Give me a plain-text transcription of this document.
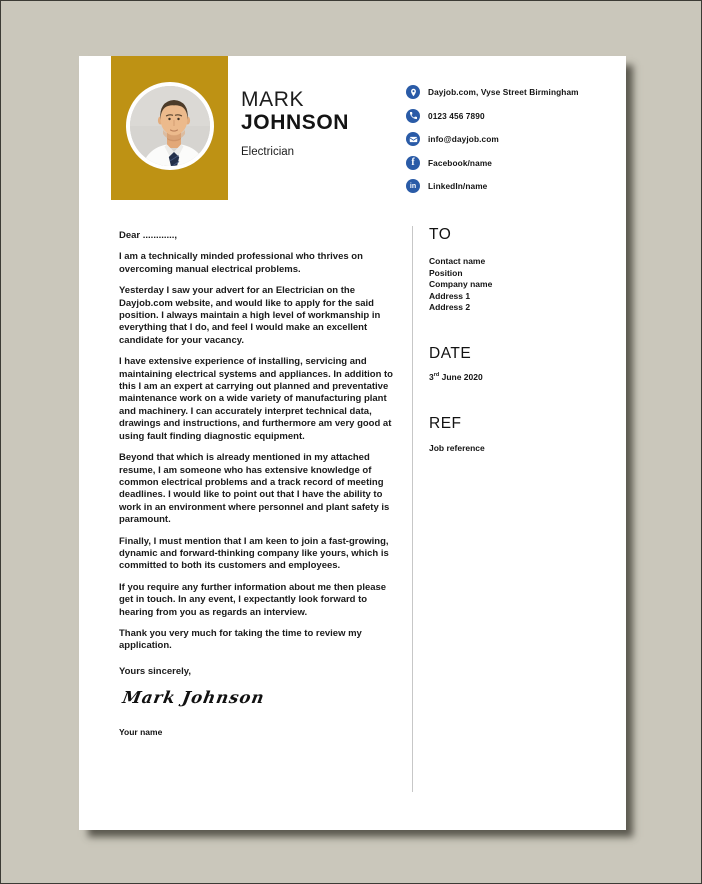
MARK
JOHNSON
Electrician
Dayjob.com, Vyse Street Birmingham
0123 456 7890
info@dayjob.com
f Facebook/name
in LinkedIn/name

Dear ............,

I am a technically minded professional who thrives on overcoming manual electrical problems.

Yesterday I saw your advert for an Electrician on the Dayjob.com website, and would like to apply for the said position. I always maintain a high level of workmanship in everything that I do, and feel I would make an excellent candidate for your vacancy.

I have extensive experience of installing, servicing and maintaining electrical systems and appliances. In addition to this I am an expert at carrying out planned and preventative maintenance work on a wide variety of manufacturing plant and machinery. I can accurately interpret technical data, drawings and instructions, and furthermore am very good at using fault finding diagnostic equipment.

Beyond that which is already mentioned in my attached resume, I am someone who has extensive knowledge of common electrical problems and a track record of meeting deadlines. I would like to point out that I have the ability to work in an environment where personnel and plant safety is paramount.

Finally, I must mention that I am keen to join a fast-growing, dynamic and forward-thinking company like yours, which is committed to both its customers and employees.

If you require any further information about me then please get in touch. In any event, I expectantly look forward to hearing from you as regards an interview.

Thank you very much for taking the time to review my application.

Yours sincerely,

Mark Johnson
Your name
TO
Contact name
Position
Company name
Address 1
Address 2
DATE
3rd June 2020
REF
Job reference
